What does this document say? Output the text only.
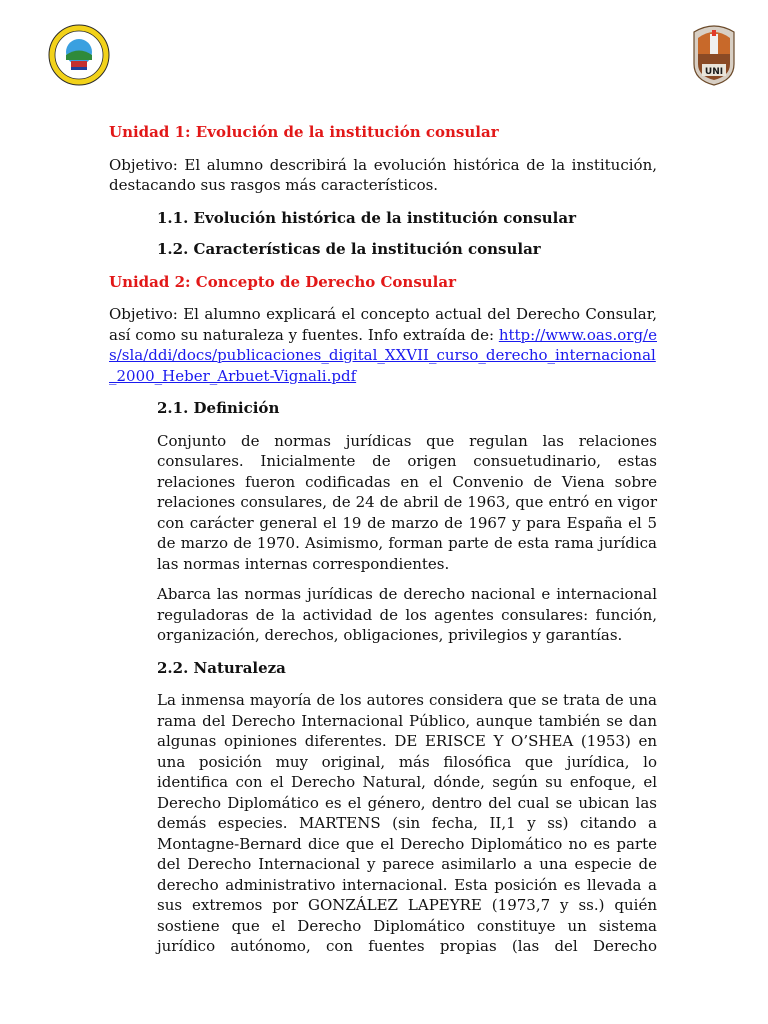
UNI
Unidad 1: Evolución de la institución consular

Objetivo: El alumno describirá la evolución histórica de la institución, destacando sus rasgos más característicos.

1.1. Evolución histórica de la institución consular
1.2. Características de la institución consular
Unidad 2: Concepto de Derecho Consular

Objetivo: El alumno explicará el concepto actual del Derecho Consular, así como su naturaleza y fuentes. Info extraída de: http://www.oas.org/es/sla/ddi/docs/publicaciones_digital_XXVII_curso_derecho_internacional_2000_Heber_Arbuet-Vignali.pdf

2.1. Definición

Conjunto de normas jurídicas que regulan las relaciones consulares. Inicialmente de origen consuetudinario, estas relaciones fueron codificadas en el Convenio de Viena sobre relaciones consulares, de 24 de abril de 1963, que entró en vigor con carácter general el 19 de marzo de 1967 y para España el 5 de marzo de 1970. Asimismo, forman parte de esta rama jurídica las normas internas correspondientes.

Abarca las normas jurídicas de derecho nacional e internacional reguladoras de la actividad de los agentes consulares: función, organización, derechos, obligaciones, privilegios y garantías.

2.2. Naturaleza

La inmensa mayoría de los autores considera que se trata de una rama del Derecho Internacional Público, aunque también se dan algunas opiniones diferentes. DE ERISCE Y O’SHEA (1953) en una posición muy original, más filosófica que jurídica, lo identifica con el Derecho Natural, dónde, según su enfoque, el Derecho Diplomático es el género, dentro del cual se ubican las demás especies. MARTENS (sin fecha, II,1 y ss) citando a Montagne-Bernard dice que el Derecho Diplomático no es parte del Derecho Internacional y parece asimilarlo a una especie de derecho administrativo internacional. Esta posición es llevada a sus extremos por GONZÁLEZ LAPEYRE (1973,7 y ss.) quién sostiene que el Derecho Diplomático constituye un sistema jurídico autónomo, con fuentes propias (las del Derecho
